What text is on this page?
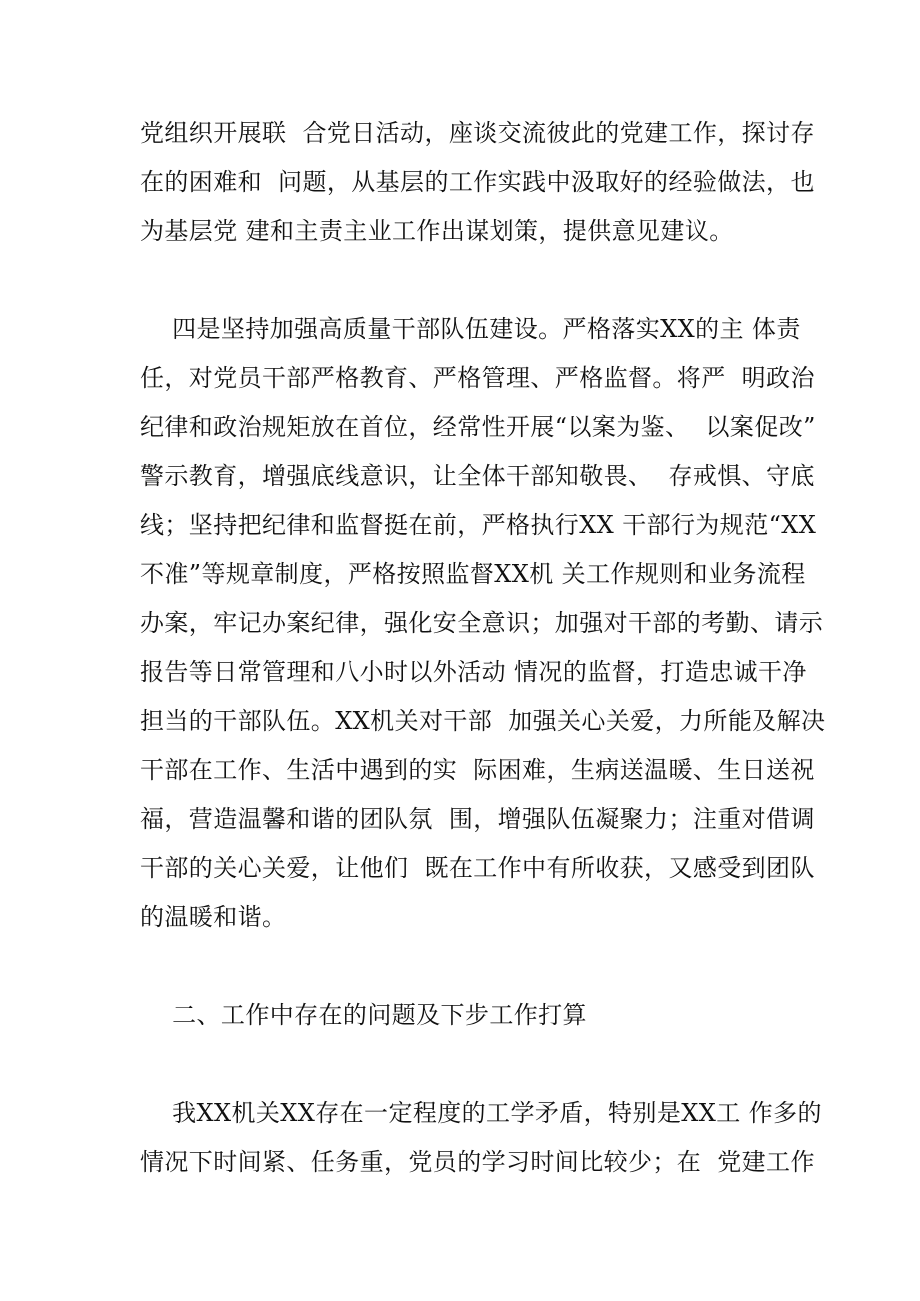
党组织开展联  合党日活动，座谈交流彼此的党建工作，探讨存
在的困难和  问题，从基层的工作实践中汲取好的经验做法，也
为基层党 建和主责主业工作出谋划策，提供意见建议。
四是坚持加强高质量干部队伍建设。严格落实XX的主 体责
任，对党员干部严格教育、严格管理、严格监督。将严  明政治
纪律和政治规矩放在首位，经常性开展“以案为鉴、  以案促改”
警示教育，增强底线意识，让全体干部知敬畏、  存戒惧、守底
线；坚持把纪律和监督挺在前，严格执行XX 干部行为规范“XX
不准”等规章制度，严格按照监督XX机 关工作规则和业务流程
办案，牢记办案纪律，强化安全意识；加强对干部的考勤、请示
报告等日常管理和八小时以外活动 情况的监督，打造忠诚干净
担当的干部队伍。XX机关对干部  加强关心关爱，力所能及解决
干部在工作、生活中遇到的实  际困难，生病送温暖、生日送祝
福，营造温馨和谐的团队氛  围，增强队伍凝聚力；注重对借调
干部的关心关爱，让他们  既在工作中有所收获，又感受到团队
的温暖和谐。
二、工作中存在的问题及下步工作打算
我XX机关XX存在一定程度的工学矛盾，特别是XX工 作多的
情况下时间紧、任务重，党员的学习时间比较少；在  党建工作
